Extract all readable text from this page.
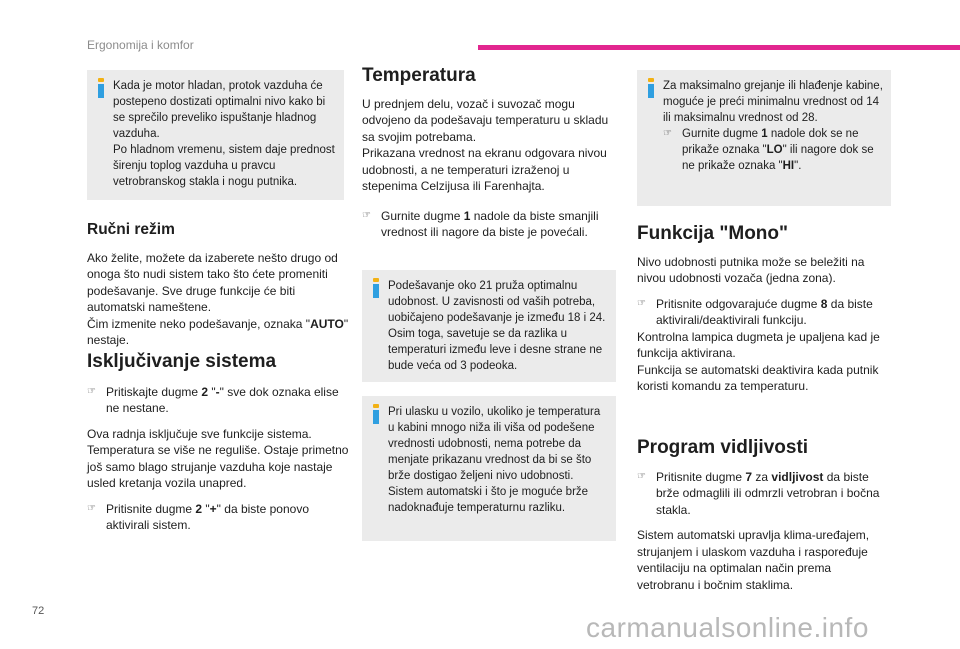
Ergonomija i komfor

Kada je motor hladan, protok vazduha će postepeno dostizati optimalni nivo kako bi se sprečilo preveliko ispuštanje hladnog vazduha.

Po hladnom vremenu, sistem daje prednost širenju toplog vazduha u pravcu vetrobranskog stakla i nogu putnika.

Ručni režim

Ako želite, možete da izaberete nešto drugo od onoga što nudi sistem tako što ćete promeniti podešavanje. Sve druge funkcije će biti automatski nameštene.

Čim izmenite neko podešavanje, oznaka "AUTO" nestaje.

Isključivanje sistema
☞ Pritiskajte dugme 2 "-" sve dok oznaka elise ne nestane.

Ova radnja isključuje sve funkcije sistema. Temperatura se više ne reguliše. Ostaje primetno još samo blago strujanje vazduha koje nastaje usled kretanja vozila unapred.

☞ Pritisnite dugme 2 "+" da biste ponovo aktivirali sistem.
Temperatura

U prednjem delu, vozač i suvozač mogu odvojeno da podešavaju temperaturu u skladu sa svojim potrebama.

Prikazana vrednost na ekranu odgovara nivou udobnosti, a ne temperaturi izraženoj u stepenima Celzijusa ili Farenhajta.

☞ Gurnite dugme 1 nadole da biste smanjili vrednost ili nagore da biste je povećali.

Podešavanje oko 21 pruža optimalnu udobnost. U zavisnosti od vaših potreba, uobičajeno podešavanje je između 18 i 24. Osim toga, savetuje se da razlika u temperaturi između leve i desne strane ne bude veća od 3 podeoka.

Pri ulasku u vozilo, ukoliko je temperatura u kabini mnogo niža ili viša od podešene vrednosti udobnosti, nema potrebe da menjate prikazanu vrednost da bi se što brže dostigao željeni nivo udobnosti. Sistem automatski i što je moguće brže nadoknađuje temperaturnu razliku.

Za maksimalno grejanje ili hlađenje kabine, moguće je preći minimalnu vrednost od 14 ili maksimalnu vrednost od 28.

☞ Gurnite dugme 1 nadole dok se ne prikaže oznaka "LO" ili nagore dok se ne prikaže oznaka "HI".
Funkcija "Mono"

Nivo udobnosti putnika može se beležiti na nivou udobnosti vozača (jedna zona).

☞ Pritisnite odgovarajuće dugme 8 da biste aktivirali/deaktivirali funkciju.

Kontrolna lampica dugmeta je upaljena kad je funkcija aktivirana.

Funkcija se automatski deaktivira kada putnik koristi komandu za temperaturu.

Program vidljivosti
☞ Pritisnite dugme 7 za vidljivost da biste brže odmaglili ili odmrzli vetrobran i bočna stakla.

Sistem automatski upravlja klima-uređajem, strujanjem i ulaskom vazduha i raspoređuje ventilaciju na optimalan način prema vetrobranu i bočnim staklima.

72
carmanualsonline.info
